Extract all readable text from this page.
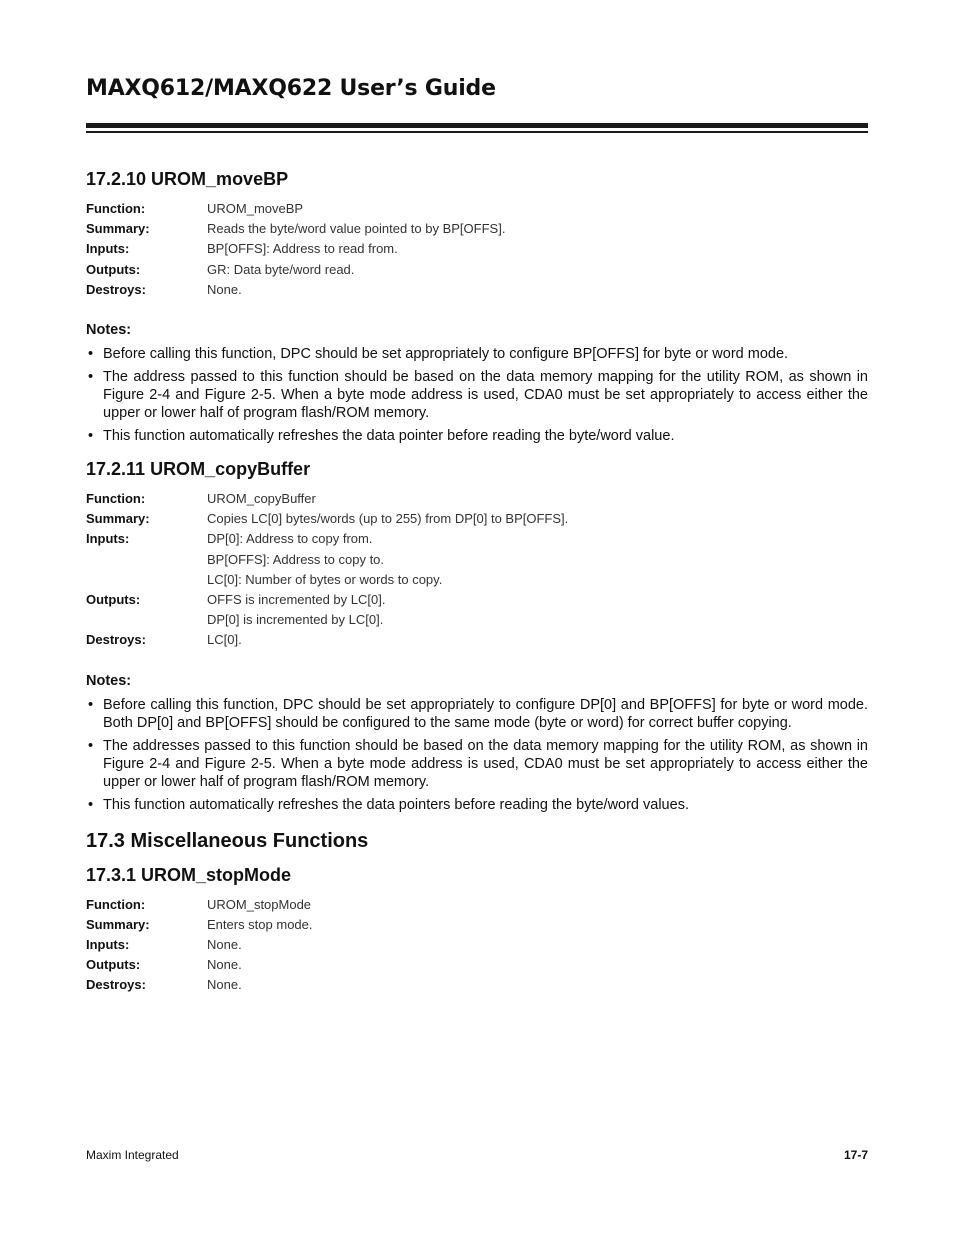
MAXQ612/MAXQ622 User’s Guide
17.2.10 UROM_moveBP
Function:	UROM_moveBP
Summary:	Reads the byte/word value pointed to by BP[OFFS].
Inputs:	BP[OFFS]: Address to read from.
Outputs:	GR: Data byte/word read.
Destroys:	None.
Notes:
• Before calling this function, DPC should be set appropriately to configure BP[OFFS] for byte or word mode.
• The address passed to this function should be based on the data memory mapping for the utility ROM, as shown in Figure 2-4 and Figure 2-5. When a byte mode address is used, CDA0 must be set appropriately to access either the upper or lower half of program flash/ROM memory.
• This function automatically refreshes the data pointer before reading the byte/word value.
17.2.11 UROM_copyBuffer
Function:	UROM_copyBuffer
Summary:	Copies LC[0] bytes/words (up to 255) from DP[0] to BP[OFFS].
Inputs:	DP[0]: Address to copy from.
BP[OFFS]: Address to copy to.
LC[0]: Number of bytes or words to copy.
Outputs:	OFFS is incremented by LC[0].
DP[0] is incremented by LC[0].
Destroys:	LC[0].
Notes:
• Before calling this function, DPC should be set appropriately to configure DP[0] and BP[OFFS] for byte or word mode. Both DP[0] and BP[OFFS] should be configured to the same mode (byte or word) for correct buffer copying.
• The addresses passed to this function should be based on the data memory mapping for the utility ROM, as shown in Figure 2-4 and Figure 2-5. When a byte mode address is used, CDA0 must be set appropriately to access either the upper or lower half of program flash/ROM memory.
• This function automatically refreshes the data pointers before reading the byte/word values.
17.3 Miscellaneous Functions
17.3.1 UROM_stopMode
Function:	UROM_stopMode
Summary:	Enters stop mode.
Inputs:	None.
Outputs:	None.
Destroys:	None.
Maxim Integrated	17-7
